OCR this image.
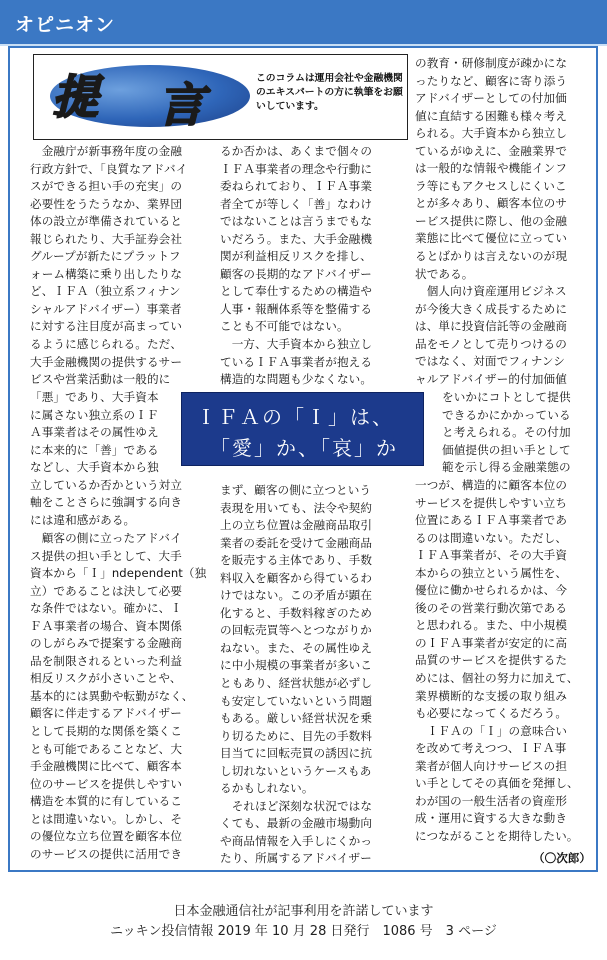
オピニオン
提 言	このコラムは運用会社や金融機関のエキスパートの方に執筆をお願いしています。

　金融庁が新事務年度の金融

行政方針で、「良質なアドバイ

スができる担い手の充実」の

必要性をうたうなか、業界団

体の設立が準備されていると

報じられたり、大手証券会社

グループが新たにプラットフ

ォーム構築に乗り出したりな

ど、ＩＦＡ（独立系フィナン

シャルアドバイザー）事業者

に対する注目度が高まってい

るように感じられる。ただ、

大手金融機関の提供するサー

ビスや営業活動は一般的に

「悪」であり、大手資本

に属さない独立系のＩＦ

Ａ事業者はその属性ゆえ

に本来的に「善」である

などし、大手資本から独

立しているか否かという対立

軸をことさらに強調する向き

には違和感がある。

　顧客の側に立ったアドバイ

ス提供の担い手として、大手

資本から「Ｉ」ndependent（独

立）であることは決して必要

な条件ではない。確かに、Ｉ

ＦＡ事業者の場合、資本関係

のしがらみで提案する金融商

品を制限されるといった利益

相反リスクが小さいことや、

基本的には異動や転勤がなく、

顧客に伴走するアドバイザー

として長期的な関係を築くこ

とも可能であることなど、大

手金融機関に比べて、顧客本

位のサービスを提供しやすい

構造を本質的に有しているこ

とは間違いない。しかし、そ

の優位な立ち位置を顧客本位

のサービスの提供に活用でき

るか否かは、あくまで個々の

ＩＦＡ事業者の理念や行動に

委ねられており、ＩＦＡ事業

者全てが等しく「善」なわけ

ではないことは言うまでもな

いだろう。また、大手金融機

関が利益相反リスクを排し、

顧客の長期的なアドバイザー

として奉仕するための構造や

人事・報酬体系等を整備する

ことも不可能ではない。

　一方、大手資本から独立し

ているＩＦＡ事業者が抱える

構造的な問題も少なくない。

まず、顧客の側に立つという

表現を用いても、法令や契約

上の立ち位置は金融商品取引

業者の委託を受けて金融商品

を販売する主体であり、手数

料収入を顧客から得ているわ

けではない。この矛盾が顕在

化すると、手数料稼ぎのため

の回転売買等へとつながりか

ねない。また、その属性ゆえ

に中小規模の事業者が多いこ

ともあり、経営状態が必ずし

も安定していないという問題

もある。厳しい経営状況を乗

り切るために、目先の手数料

目当てに回転売買の誘因に抗

し切れないというケースもあ

るかもしれない。

　それほど深刻な状況ではな

くても、最新の金融市場動向

や商品情報を入手しにくかっ

たり、所属するアドバイザー

の教育・研修制度が疎かにな

ったりなど、顧客に寄り添う

アドバイザーとしての付加価

値に直結する困難も様々考え

られる。大手資本から独立し

ているがゆえに、金融業界で

は一般的な情報や機能インフ

ラ等にもアクセスしにくいこ

とが多々あり、顧客本位のサ

ービス提供に際し、他の金融

業態に比べて優位に立ってい

るとばかりは言えないのが現

状である。

　個人向け資産運用ビジネス

が今後大きく成長するために

は、単に投資信託等の金融商

品をモノとして売りつけるの

ではなく、対面でフィナンシ

ャルアドバイザー的付加価値

をいかにコトとして提供

できるかにかかっている

と考えられる。その付加

価値提供の担い手として

範を示し得る金融業態の

一つが、構造的に顧客本位の

サービスを提供しやすい立ち

位置にあるＩＦＡ事業者であ

るのは間違いない。ただし、

ＩＦＡ事業者が、その大手資

本からの独立という属性を、

優位に働かせられるかは、今

後のその営業行動次第である

と思われる。また、中小規模

のＩＦＡ事業者が安定的に高

品質のサービスを提供するた

めには、個社の努力に加えて、

業界横断的な支援の取り組み

も必要になってくるだろう。

　ＩＦＡの「Ｉ」の意味合い

を改めて考えつつ、ＩＦＡ事

業者が個人向けサービスの担

い手としてその真価を発揮し、

わが国の一般生活者の資産形

成・運用に資する大きな動き

につながることを期待したい。

ＩＦＡの「Ｉ」は、
「愛」か、「哀」か
（〇次郎）
日本金融通信社が記事利用を許諾しています
ニッキン投信情報 2019 年 10 月 28 日発行　1086 号　3 ページ
